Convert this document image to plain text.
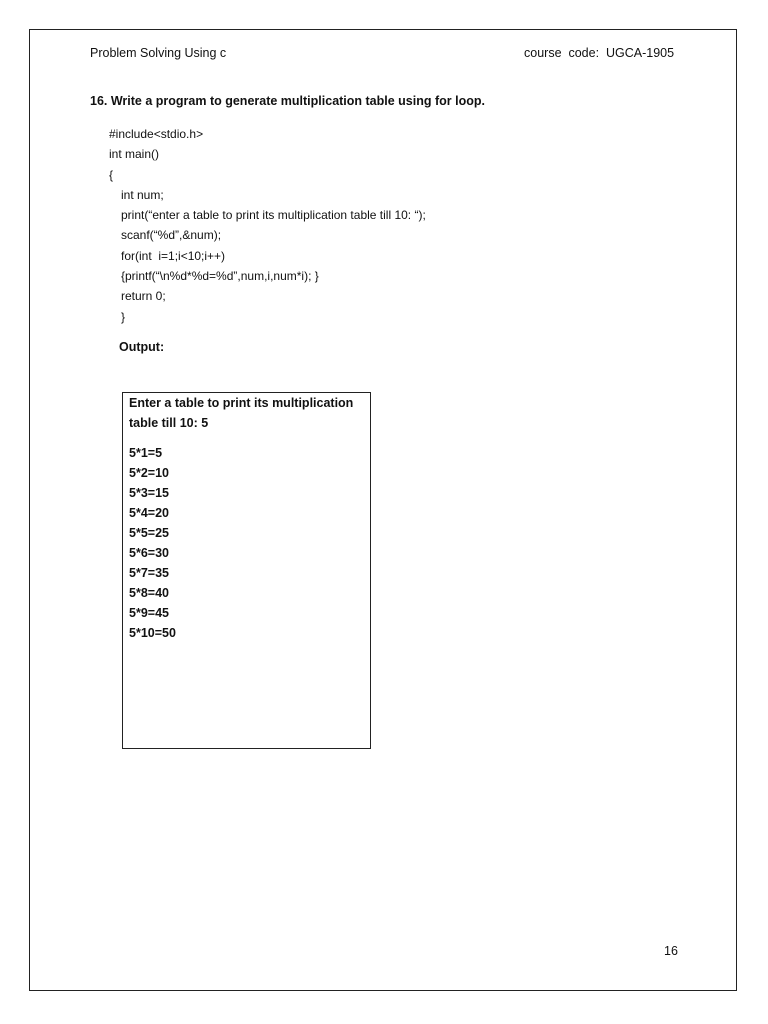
Problem Solving Using c	course  code:  UGCA-1905
16. Write a program to generate multiplication table using for loop.
#include<stdio.h>
int main()
{
int num;
print(“enter a table to print its multiplication table till 10: “);
scanf(“%d”,&num);
for(int  i=1;i<10;i++)
{printf(“\n%d*%d=%d”,num,i,num*i); }
return 0;
}
Output:
Enter a table to print its multiplication
table till 10: 5
5*1=5
5*2=10
5*3=15
5*4=20
5*5=25
5*6=30
5*7=35
5*8=40
5*9=45
5*10=50
16
